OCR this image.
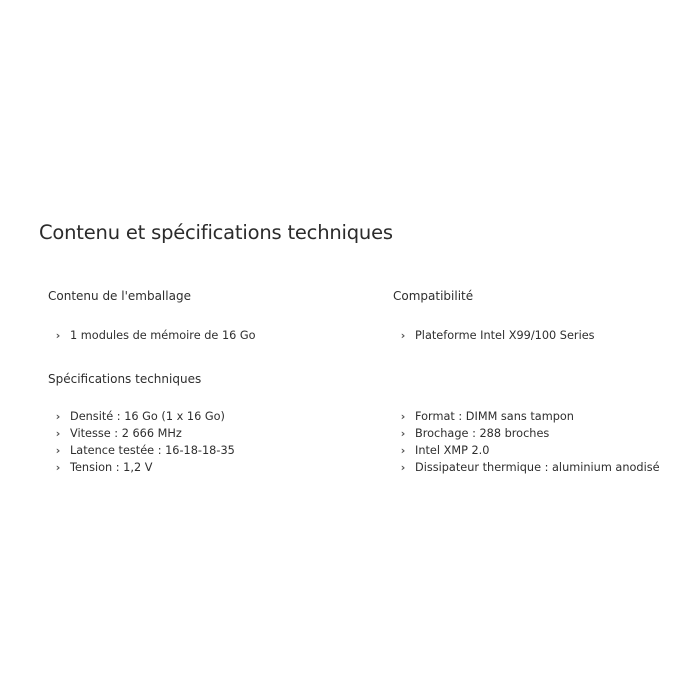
Contenu et spécifications techniques
Contenu de l'emballage
› 1 modules de mémoire de 16 Go
Compatibilité
› Plateforme Intel X99/100 Series
Spécifications techniques
› Densité : 16 Go (1 x 16 Go)
› Vitesse : 2 666 MHz
› Latence testée : 16-18-18-35
› Tension : 1,2 V
› Format : DIMM sans tampon
› Brochage : 288 broches
› Intel XMP 2.0
› Dissipateur thermique : aluminium anodisé
